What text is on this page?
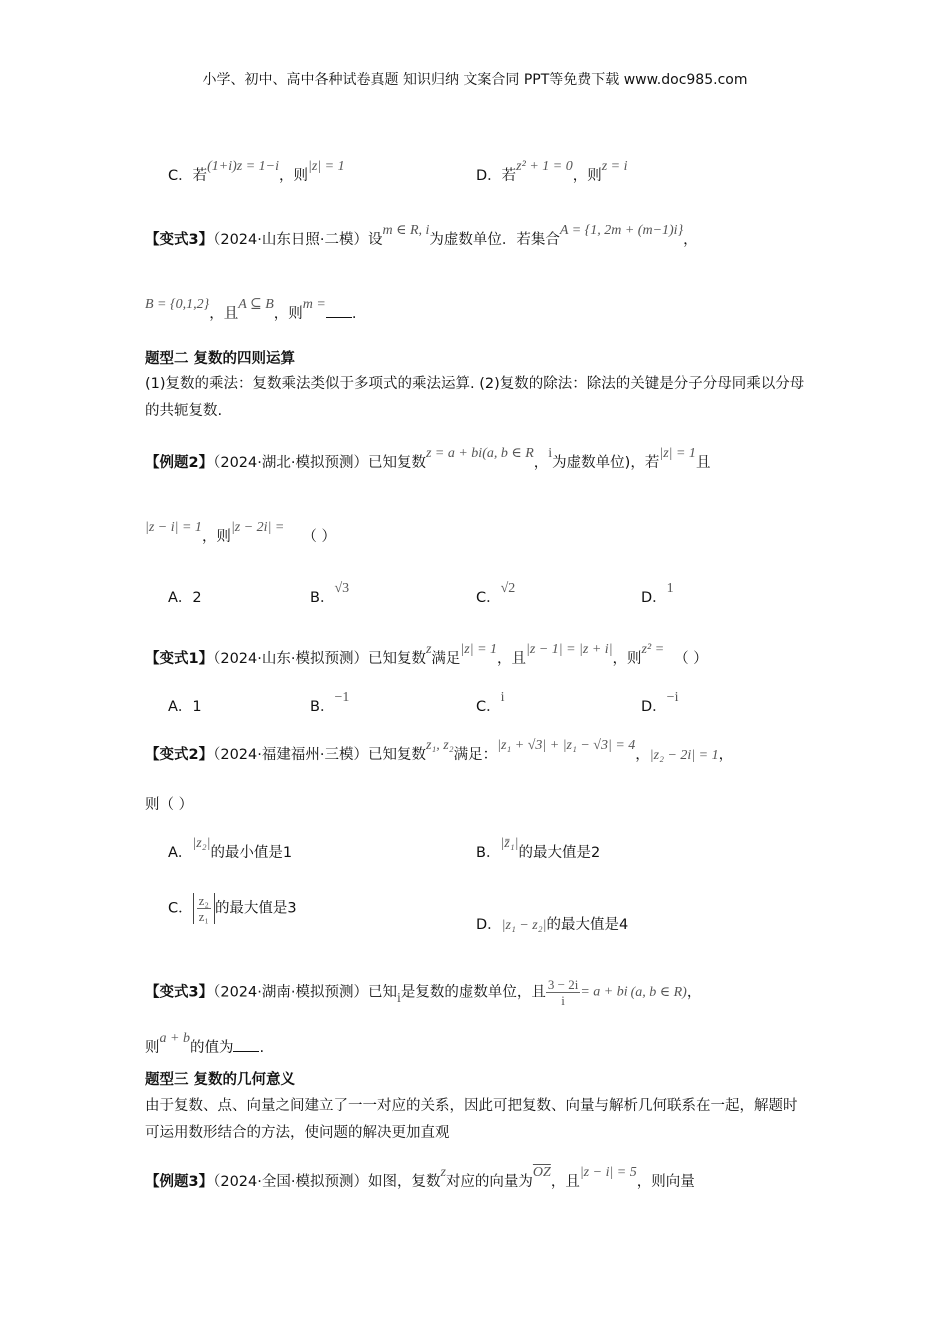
小学、初中、高中各种试卷真题 知识归纳 文案合同 PPT等免费下载 www.doc985.com
C．若(1+i)z = 1−i，则|z| = 1
D．若z² + 1 = 0，则z = i
【变式3】（2024·山东日照·二模）设m ∈ R, i为虚数单位．若集合A = {1, 2m + (m−1)i}，
B = {0,1,2}，且A ⊆ B，则m =.
题型二 复数的四则运算
(1)复数的乘法：复数乘法类似于多项式的乘法运算. (2)复数的除法：除法的关键是分子分母同乘以分母的共轭复数.
【例题2】（2024·湖北·模拟预测）已知复数z = a + bi(a, b ∈ R，i为虚数单位)，若|z| = 1且
|z − i| = 1，则|z − 2i| =（ ）
A．2	B．√3
C．√2
D．1
【变式1】（2024·山东·模拟预测）已知复数z满足|z| = 1，且|z − 1| = |z + i|，则z² =（ ）
A．1	B．−1
C．i
D．−i
【变式2】（2024·福建福州·三模）已知复数z₁, z₂满足：|z₁ + √3| + |z₁ − √3| = 4，|z₂ − 2i| = 1，
则（ ）
A．|z₂|的最小值是1	B．|z̄₁|的最大值是2
C． $\frac{\text{z₂}}{\text{z₁}}$ 的最大值是3
D．|z₁ − z₂|的最大值是4
【变式3】（2024·湖南·模拟预测）已知i是复数的虚数单位，且 $\frac{3 - 2i}{i} = a$ + bi (a, b ∈ R)，
则a + b的值为 .
题型三 复数的几何意义
由于复数、点、向量之间建立了一一对应的关系，因此可把复数、向量与解析几何联系在一起，解题时可运用数形结合的方法，使问题的解决更加直观
【例题3】（2024·全国·模拟预测）如图，复数z对应的向量为$\overline{OZ}$，且|z − i| = 5，则向量
